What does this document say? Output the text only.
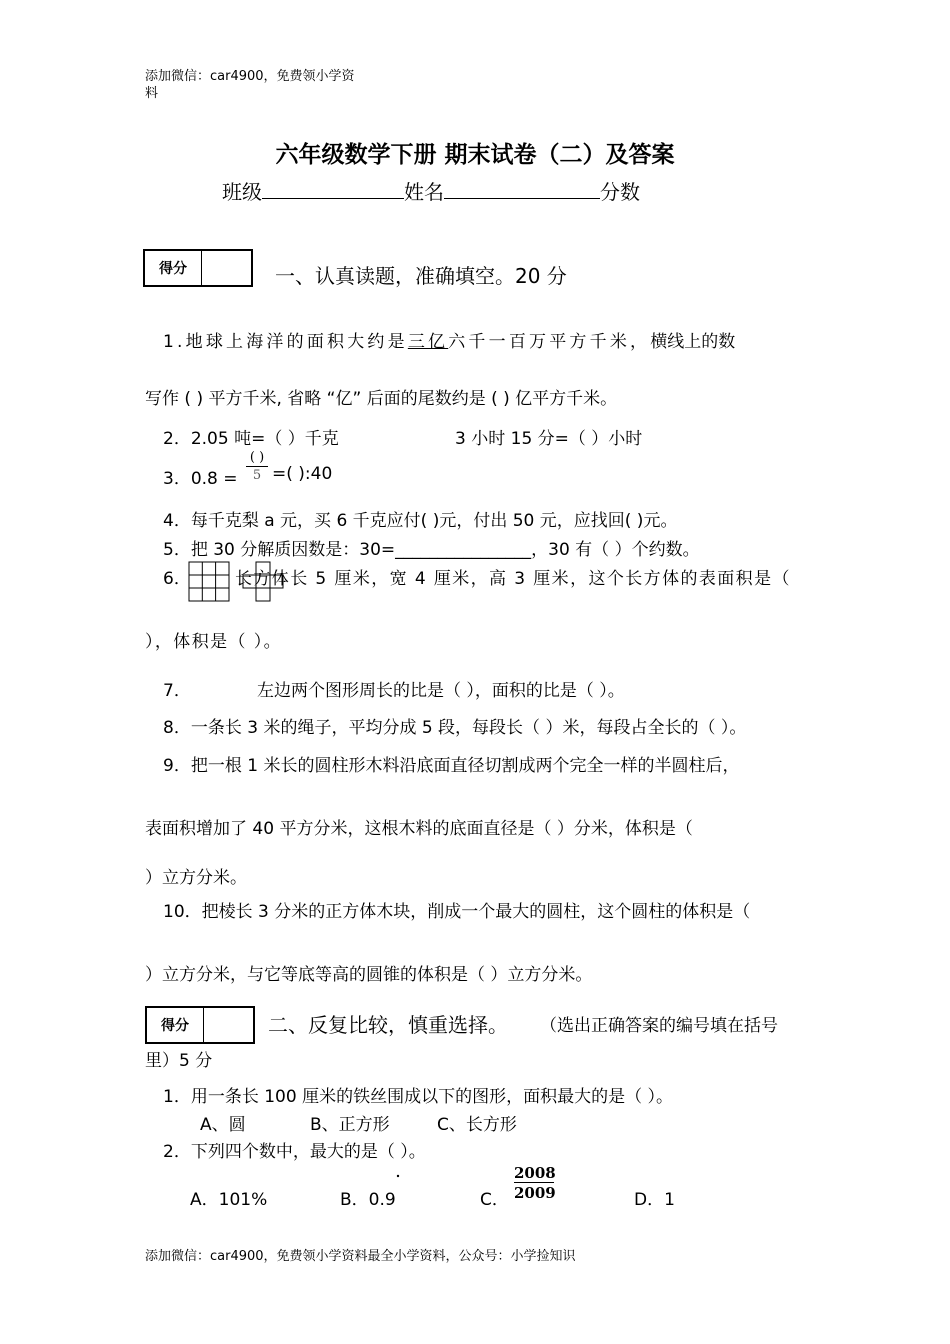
添加微信：car4900，免费领小学资
料
六年级数学下册 期末试卷（二）及答案
班级	姓名	分数
得分	一、认真读题，准确填空。20 分
1.地球上海洋的面积大约是三亿六千一百万平方千米，横线上的数
写作 ( ) 平方千米, 省略 “亿” 后面的尾数约是 ( ) 亿平方千米。
2．2.05 吨=（ ）千克	3 小时 15 分=（ ）小时
3．0.8 =
( )
5 =( ):40
4．每千克梨 a 元，买 6 千克应付( )元，付出 50 元，应找回( )元。
5．把 30 分解质因数是：30=________________，30 有（ ）个约数。
6．	长方体长 5 厘米，宽 4 厘米，高 3 厘米，这个长方体的表面积是（
），体积是（ ）。
7．	左边两个图形周长的比是（ ），面积的比是（ ）。
8．一条长 3 米的绳子，平均分成 5 段，每段长（ ）米，每段占全长的（ ）。
9．把一根 1 米长的圆柱形木料沿底面直径切割成两个完全一样的半圆柱后，
表面积增加了 40 平方分米，这根木料的底面直径是（ ）分米，体积是（
）立方分米。
10．把棱长 3 分米的正方体木块，削成一个最大的圆柱，这个圆柱的体积是（
）立方分米，与它等底等高的圆锥的体积是（ ）立方分米。
得分	二、反复比较，慎重选择。 （选出正确答案的编号填在括号
里）5 分
1．用一条长 100 厘米的铁丝围成以下的图形，面积最大的是（ ）。
A、圆	B、正方形	C、长方形
2．下列四个数中，最大的是（ ）。
A．101%	B．0.9	C．
2008
2009	D．1
添加微信：car4900，免费领小学资料最全小学资料，公众号：小学捡知识
